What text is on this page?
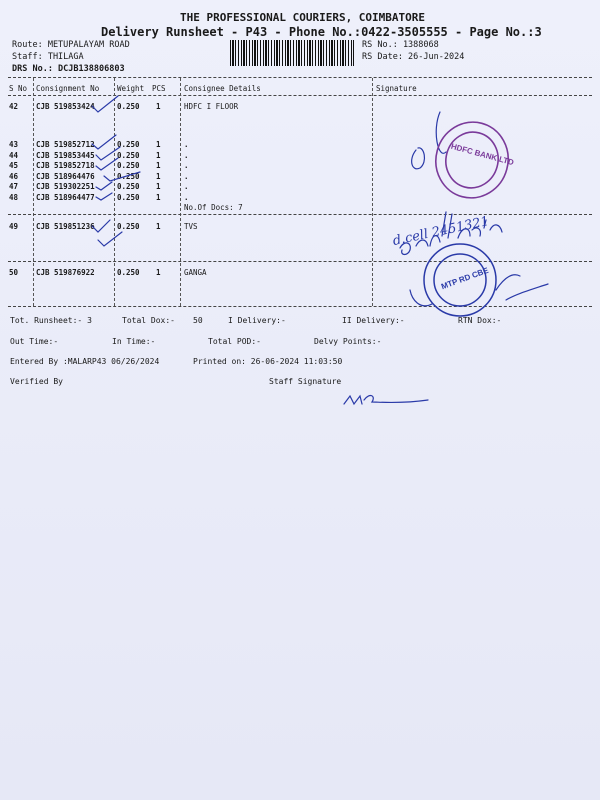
THE PROFESSIONAL COURIERS, COIMBATORE
Delivery Runsheet - P43 - Phone No.:0422-3505555 - Page No.:3
Route: METUPALAYAM ROAD
Staff: THILAGA
DRS No.: DCJB138806803
RS No.: 1388068
RS Date: 26-Jun-2024
S No Consignment No Weight PCS Consignee Details	Signature
42 CJB 519853424	0.250 1	HDFC I FLOOR
43 CJB 519852712	0.250 1	.
44 CJB 519853445	0.250 1	.
45 CJB 519852718	0.250 1	.
46 CJB 518964476	0.250 1	.
47 CJB 519302251	0.250 1	.
48 CJB 518964477	0.250 1	.
No.Of Docs: 7
49 CJB 519851236	0.250 1	TVS
50 CJB 519876922	0.250 1	GANGA
Tot. Runsheet:- 3	Total Dox:- 50	I Delivery:-	II Delivery:-	RTN Dox:-
Out Time:-	In Time:-	Total POD:-	Delvy Points:-
Entered By :MALARP43 06/26/2024	Printed on: 26-06-2024 11:03:50
Verified By	Staff Signature
HDFC BANK LTD
MTP RD CBE
d.cell 2451321
